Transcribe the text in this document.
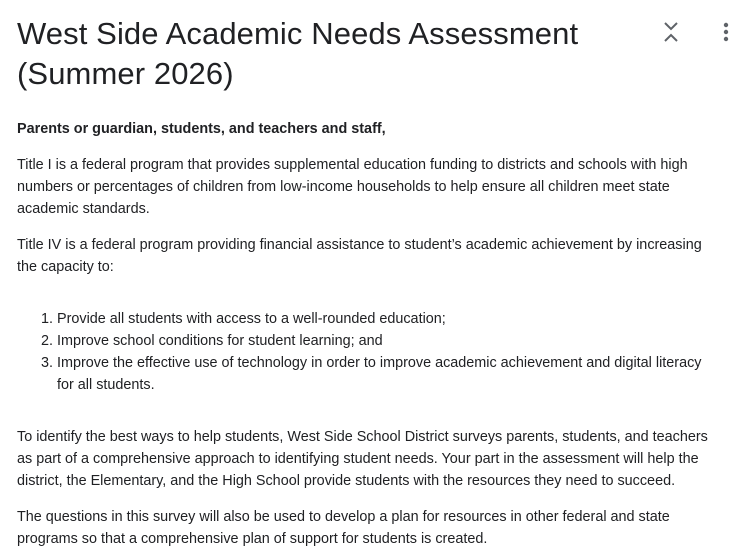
West Side Academic Needs Assessment (Summer 2026)

Parents or guardian, students, and teachers and staff,

Title I is a federal program that provides supplemental education funding to districts and schools with high numbers or percentages of children from low-income households to help ensure all children meet state academic standards.

Title IV is a federal program providing financial assistance to student’s academic achievement by increasing the capacity to:

1. Provide all students with access to a well-rounded education;
2. Improve school conditions for student learning; and
3. Improve the effective use of technology in order to improve academic achievement and digital literacy for all students.

To identify the best ways to help students, West Side School District surveys parents, students, and teachers as part of a comprehensive approach to identifying student needs. Your part in the assessment will help the district, the Elementary, and the High School provide students with the resources they need to succeed.

The questions in this survey will also be used to develop a plan for resources in other federal and state programs so that a comprehensive plan of support for students is created.
